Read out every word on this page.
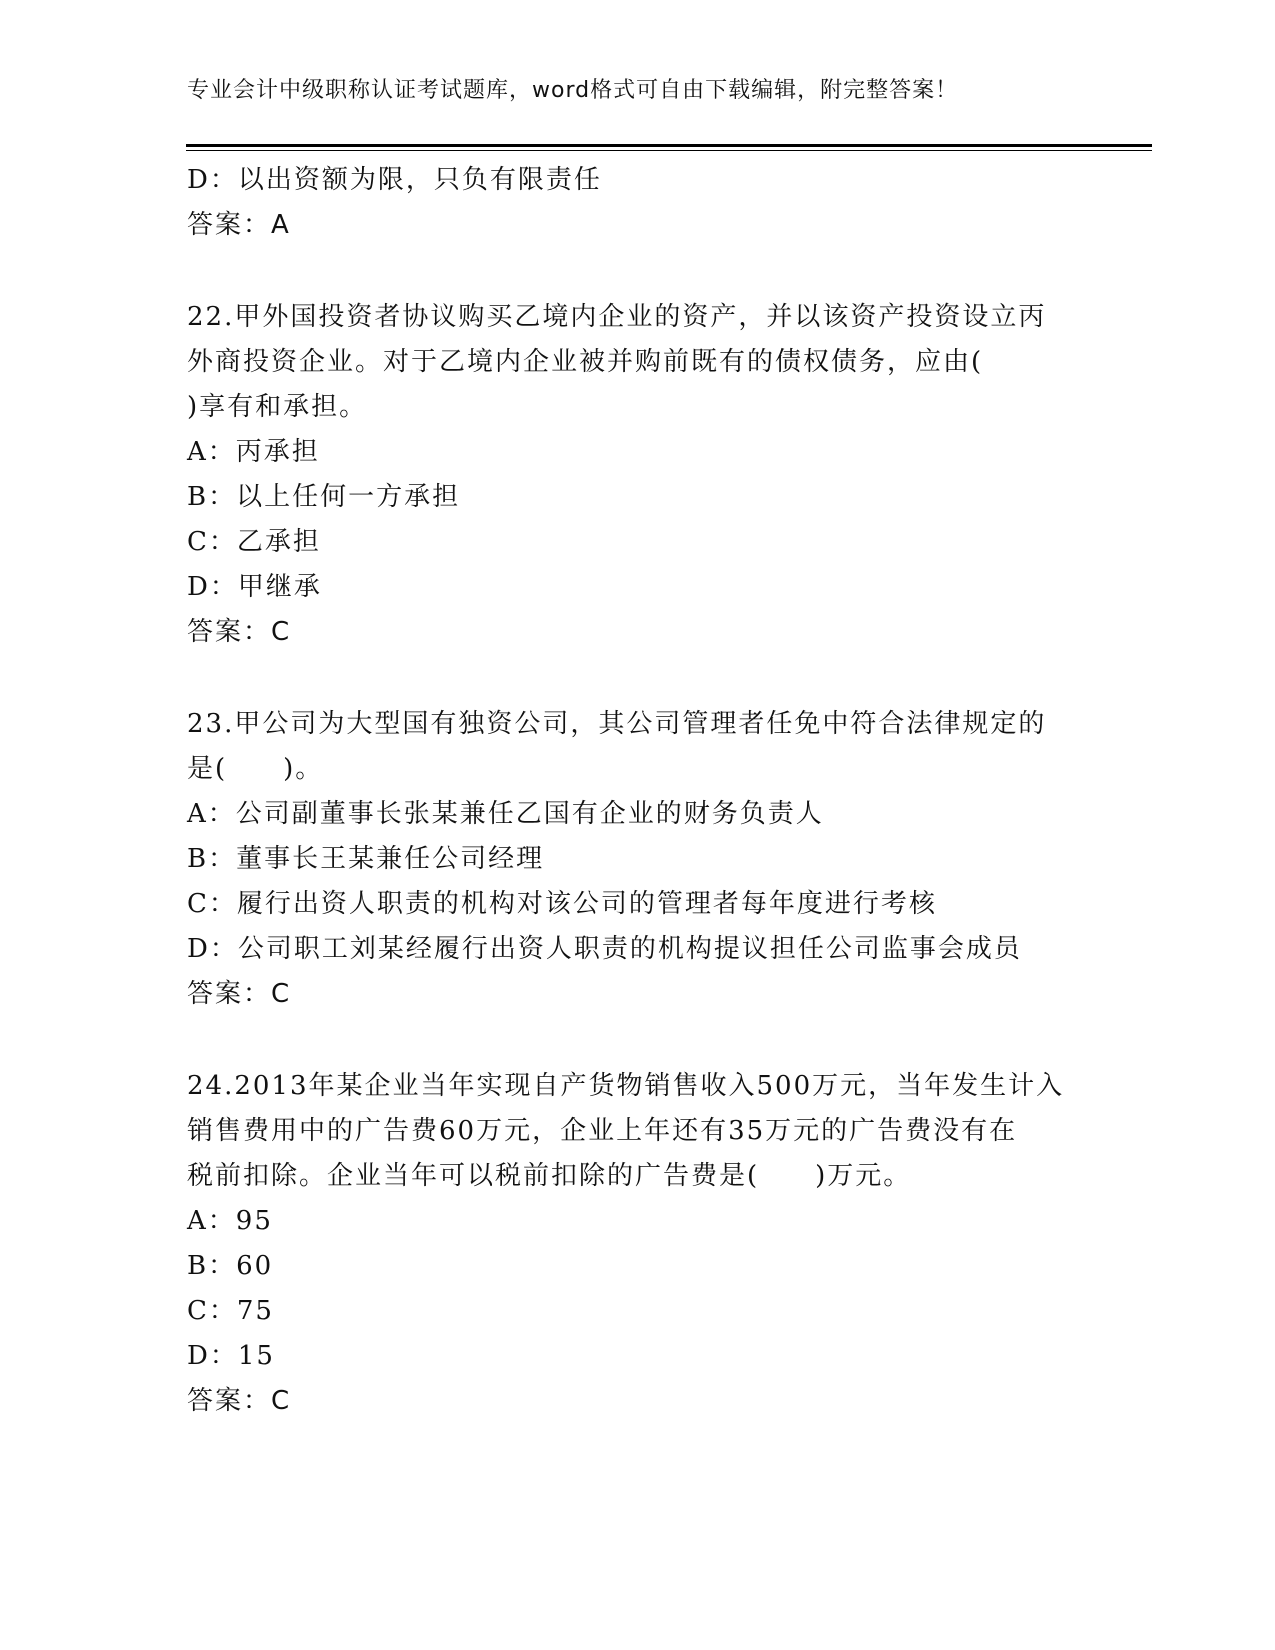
专业会计中级职称认证考试题库，word格式可自由下载编辑，附完整答案！
D：以出资额为限，只负有限责任
答案：A
22.甲外国投资者协议购买乙境内企业的资产，并以该资产投资设立丙
外商投资企业。对于乙境内企业被并购前既有的债权债务，应由(
)享有和承担。
A：丙承担
B：以上任何一方承担
C：乙承担
D：甲继承
答案：C
23.甲公司为大型国有独资公司，其公司管理者任免中符合法律规定的
是(　　)。
A：公司副董事长张某兼任乙国有企业的财务负责人
B：董事长王某兼任公司经理
C：履行出资人职责的机构对该公司的管理者每年度进行考核
D：公司职工刘某经履行出资人职责的机构提议担任公司监事会成员
答案：C
24.2013年某企业当年实现自产货物销售收入500万元，当年发生计入
销售费用中的广告费60万元，企业上年还有35万元的广告费没有在
税前扣除。企业当年可以税前扣除的广告费是(　　)万元。
A：95
B：60
C：75
D：15
答案：C
